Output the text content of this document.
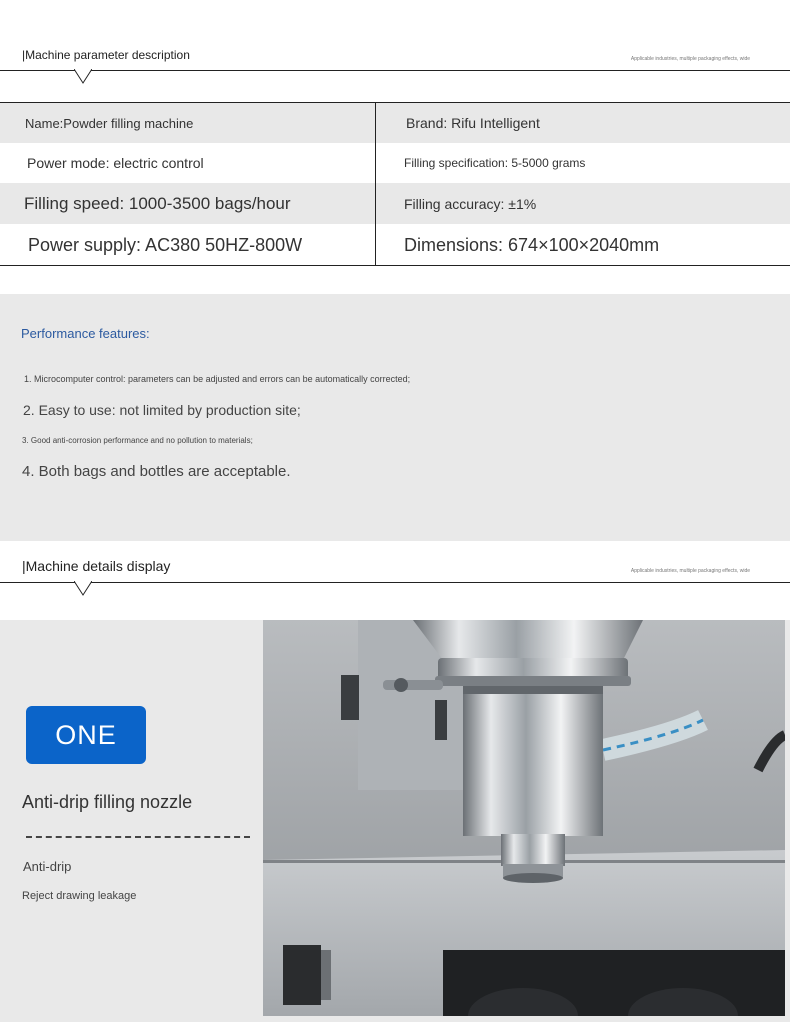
|Machine parameter description	Applicable industries, multiple packaging effects, wide
Name:Powder filling machine	Brand: Rifu Intelligent
Power mode: electric control	Filling specification: 5-5000 grams
Filling speed: 1000-3500 bags/hour	Filling accuracy: ±1%
Power supply: AC380 50HZ-800W	Dimensions: 674×100×2040mm
Performance features:
1. Microcomputer control: parameters can be adjusted and errors can be automatically corrected;
2. Easy to use: not limited by production site;
3. Good anti-corrosion performance and no pollution to materials;
4. Both bags and bottles are acceptable.
|Machine details display	Applicable industries, multiple packaging effects, wide
ONE
Anti-drip filling nozzle
Anti-drip
Reject drawing leakage
